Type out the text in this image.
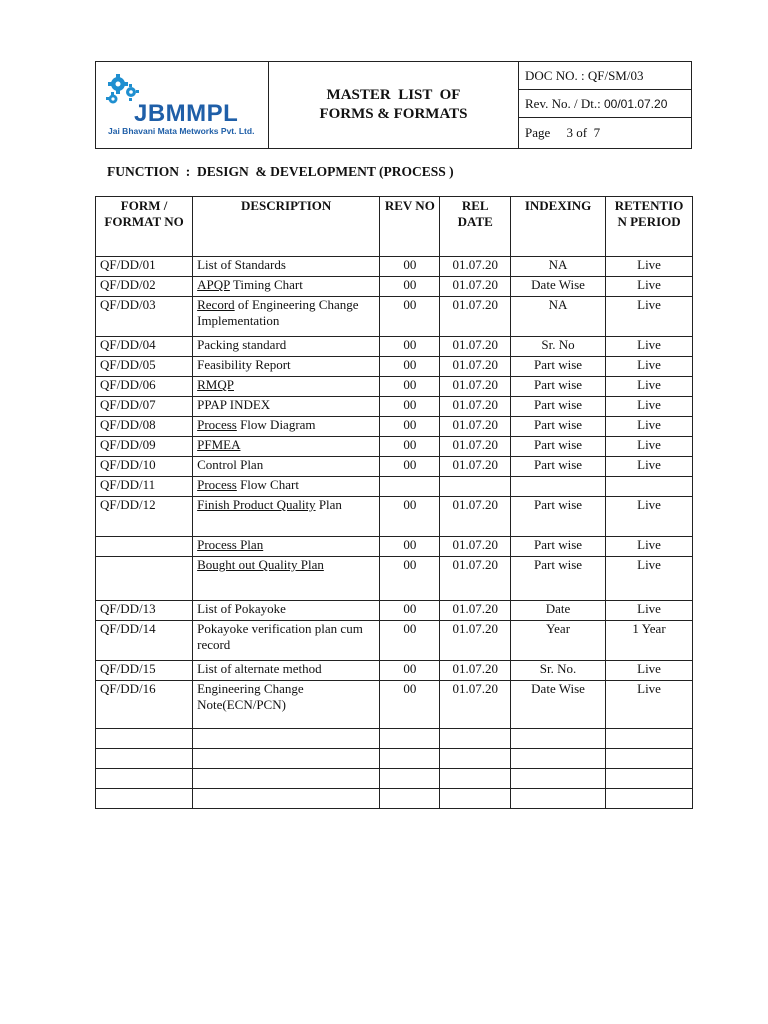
JBMMPL
Jai Bhavani Mata Metworks Pvt. Ltd.
MASTER  LIST  OF
FORMS & FORMATS
DOC NO. : QF/SM/03
Rev. No. / Dt.: 00/01.07.20
Page     3 of  7
FUNCTION  :  DESIGN  & DEVELOPMENT (PROCESS )
FORM / FORMAT NO	DESCRIPTION	REV NO	REL DATE	INDEXING	RETENTIO N PERIOD
QF/DD/01	List of Standards	00	01.07.20	NA	Live
QF/DD/02	APQP Timing Chart	00	01.07.20	Date Wise	Live
QF/DD/03	Record of Engineering Change Implementation	00	01.07.20	NA	Live
QF/DD/04	Packing standard	00	01.07.20	Sr. No	Live
QF/DD/05	Feasibility Report	00	01.07.20	Part wise	Live
QF/DD/06	RMQP	00	01.07.20	Part wise	Live
QF/DD/07	PPAP INDEX	00	01.07.20	Part wise	Live
QF/DD/08	Process Flow Diagram	00	01.07.20	Part wise	Live
QF/DD/09	PFMEA	00	01.07.20	Part wise	Live
QF/DD/10	Control Plan	00	01.07.20	Part wise	Live
QF/DD/11	Process Flow Chart				
QF/DD/12	Finish Product Quality Plan	00	01.07.20	Part wise	Live
	Process Plan	00	01.07.20	Part wise	Live
	Bought out Quality Plan	00	01.07.20	Part wise	Live
QF/DD/13	List of Pokayoke	00	01.07.20	Date	Live
QF/DD/14	Pokayoke verification plan cum record	00	01.07.20	Year	1 Year
QF/DD/15	List of alternate method	00	01.07.20	Sr. No.	Live
QF/DD/16	Engineering Change Note(ECN/PCN)	00	01.07.20	Date Wise	Live
